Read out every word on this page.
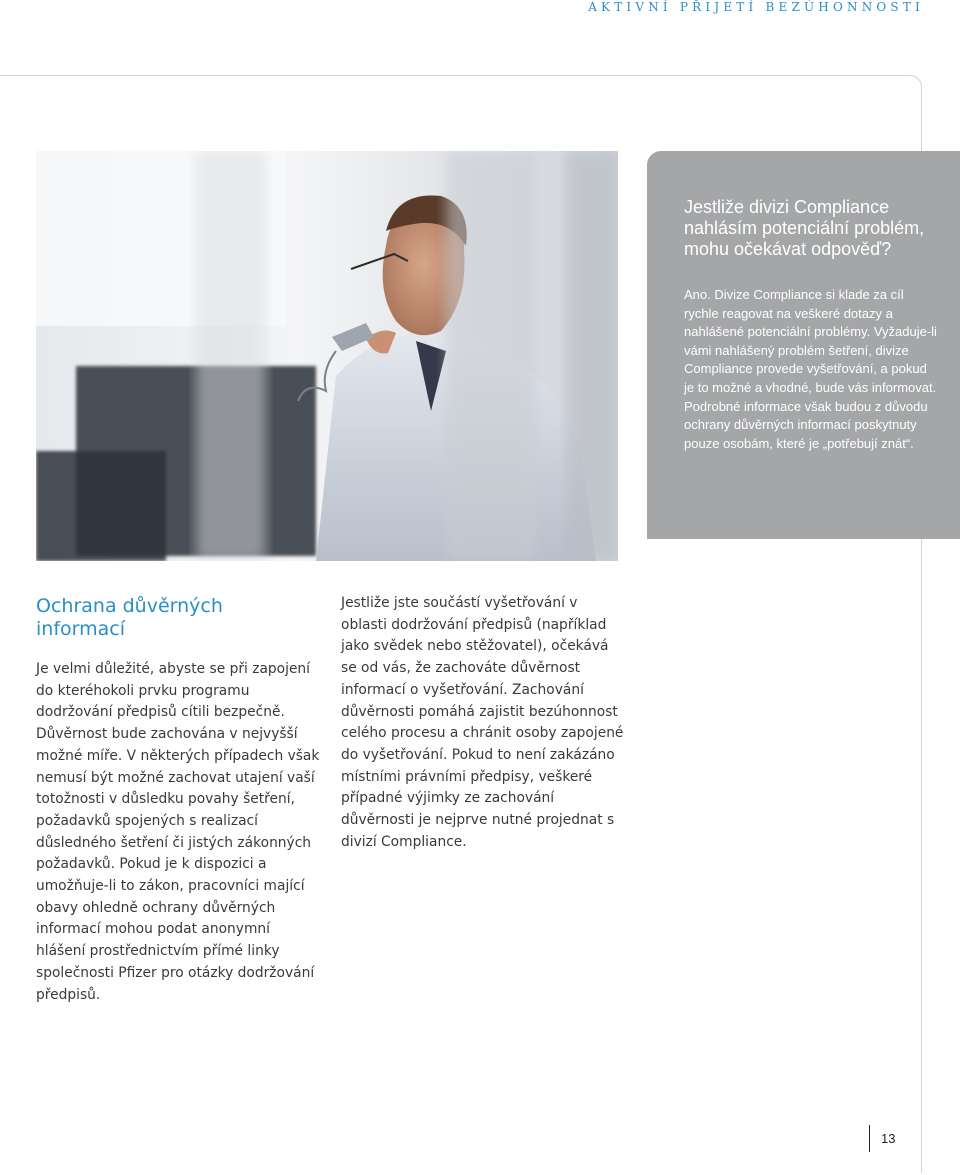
AKTIVNÍ PŘIJETÍ BEZÚHONNOSTI
Jestliže divizi Compliance nahlásím potenciální problém, mohu očekávat odpověď?

Ano. Divize Compliance si klade za cíl rychle reagovat na veškeré dotazy a nahlášené potenciální problémy. Vyžaduje-li vámi nahlášený problém šetření, divize Compliance provede vyšetřování, a pokud je to možné a vhodné, bude vás informovat. Podrobné informace však budou z důvodu ochrany důvěrných informací poskytnuty pouze osobám, které je „potřebují znát“.

Ochrana důvěrných informací

Je velmi důležité, abyste se při zapojení do kteréhokoli prvku programu dodržování předpisů cítili bezpečně. Důvěrnost bude zachována v nejvyšší možné míře. V některých případech však nemusí být možné zachovat utajení vaší totožnosti v důsledku povahy šetření, požadavků spojených s realizací důsledného šetření či jistých zákonných požadavků. Pokud je k dispozici a umožňuje-li to zákon, pracovníci mající obavy ohledně ochrany důvěrných informací mohou podat anonymní hlášení prostřednictvím přímé linky společnosti Pfizer pro otázky dodržování předpisů.

Jestliže jste součástí vyšetřování v oblasti dodržování předpisů (například jako svědek nebo stěžovatel), očekává se od vás, že zachováte důvěrnost informací o vyšetřování. Zachování důvěrnosti pomáhá zajistit bezúhonnost celého procesu a chránit osoby zapojené do vyšetřování. Pokud to není zakázáno místními právními předpisy, veškeré případné výjimky ze zachování důvěrnosti je nejprve nutné projednat s divizí Compliance.

13
